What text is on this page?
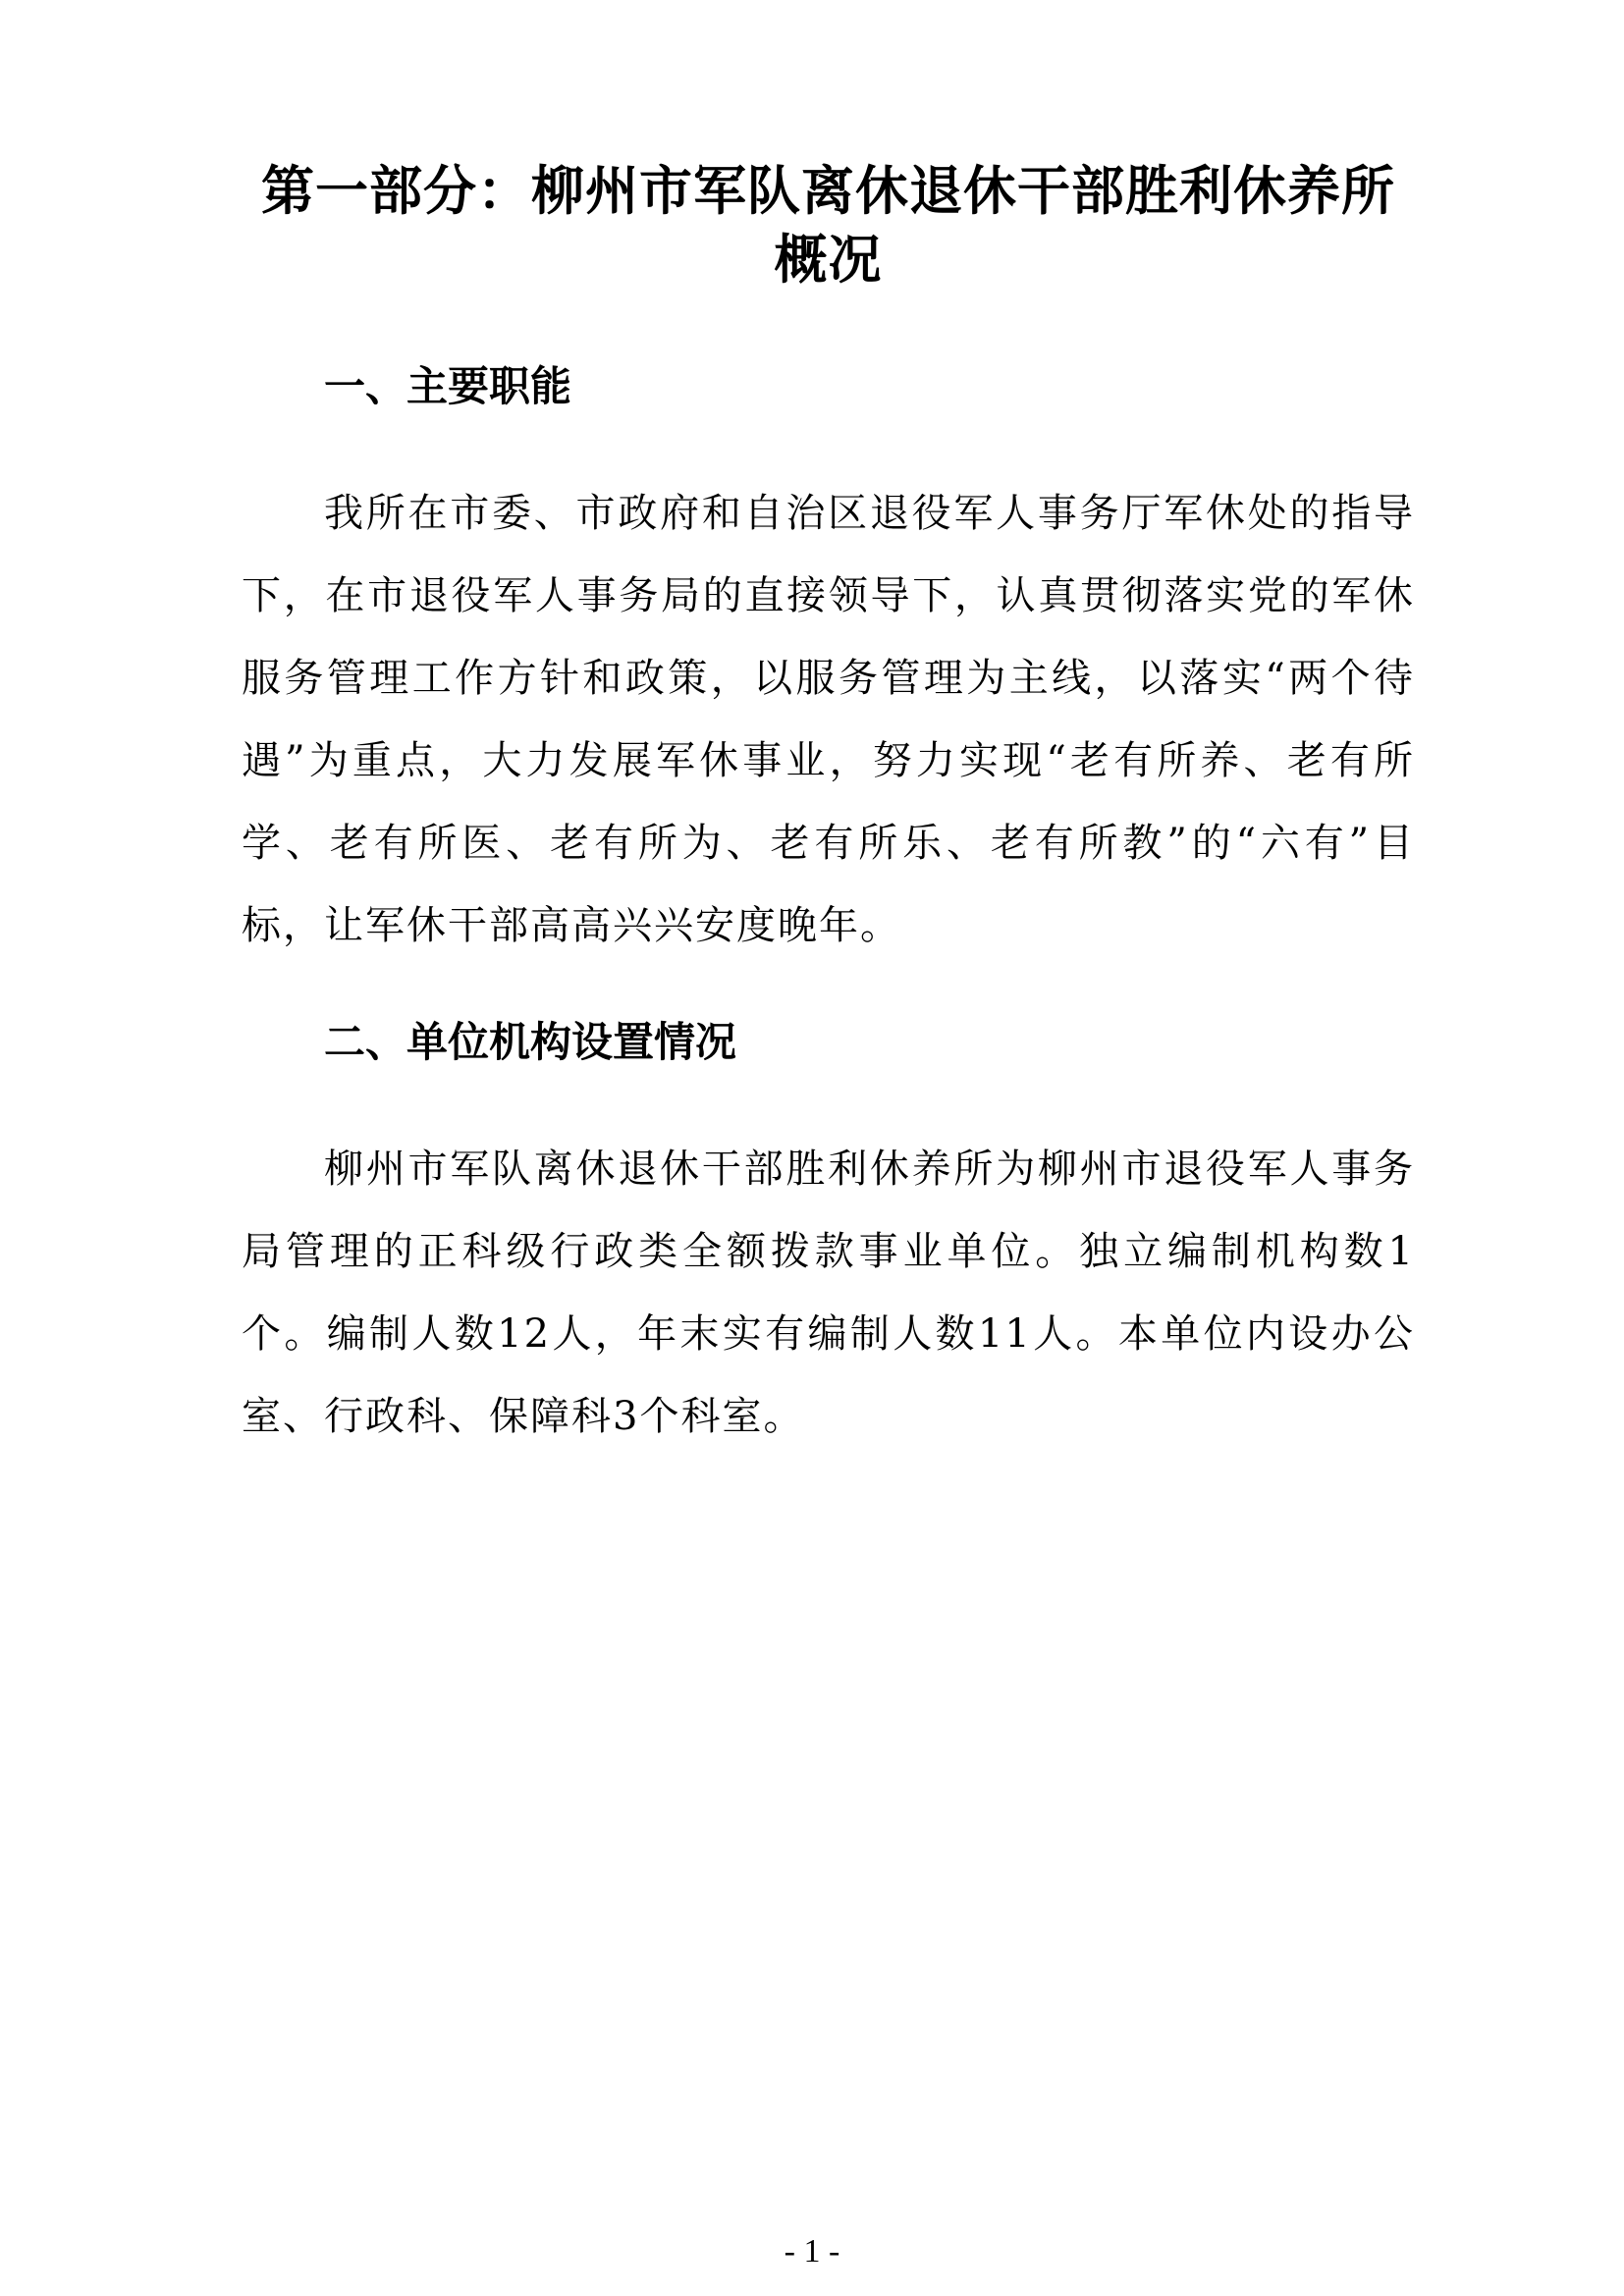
第一部分：柳州市军队离休退休干部胜利休养所概况
一、主要职能

我所在市委、市政府和自治区退役军人事务厅军休处的指导下，在市退役军人事务局的直接领导下，认真贯彻落实党的军休服务管理工作方针和政策，以服务管理为主线，以落实“两个待遇”为重点，大力发展军休事业，努力实现“老有所养、老有所学、老有所医、老有所为、老有所乐、老有所教”的“六有”目标，让军休干部高高兴兴安度晚年。

二、单位机构设置情况

柳州市军队离休退休干部胜利休养所为柳州市退役军人事务局管理的正科级行政类全额拨款事业单位。独立编制机构数1个。编制人数12人，年末实有编制人数11人。本单位内设办公室、行政科、保障科3个科室。

- 1 -
